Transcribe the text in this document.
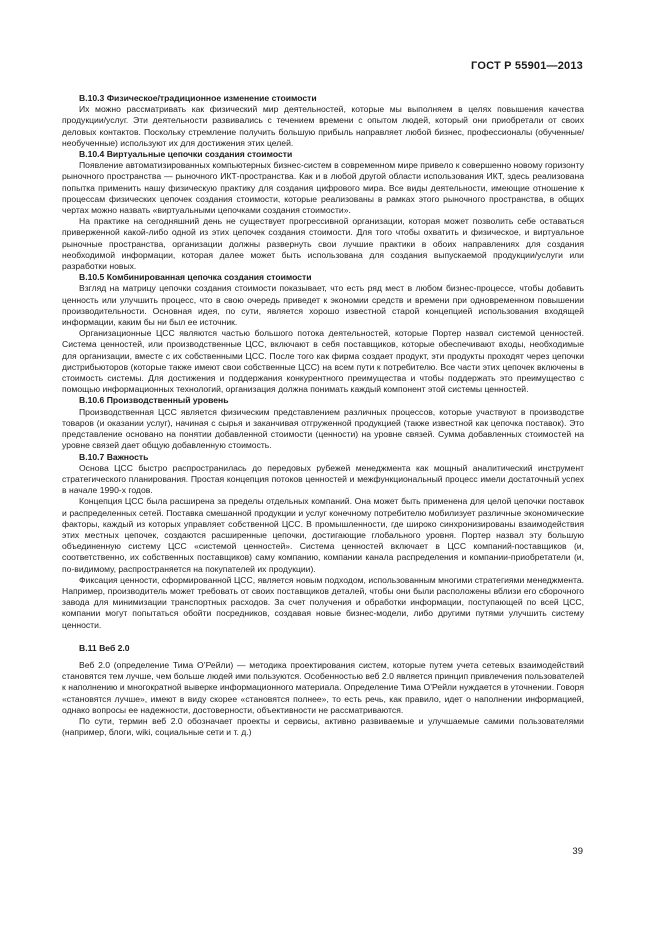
ГОСТ Р 55901—2013
В.10.3 Физическое/традиционное изменение стоимости

Их можно рассматривать как физический мир деятельностей, которые мы выполняем в целях повышения качества продукции/услуг. Эти деятельности развивались с течением времени с опытом людей, который они приобретали от своих деловых контактов. Поскольку стремление получить большую прибыль направляет любой бизнес, профессионалы (обученные/необученные) используют их для достижения этих целей.

В.10.4 Виртуальные цепочки создания стоимости

Появление автоматизированных компьютерных бизнес-систем в современном мире привело к совершенно новому горизонту рыночного пространства — рыночного ИКТ-пространства. Как и в любой другой области использования ИКТ, здесь реализована попытка применить нашу физическую практику для создания цифрового мира. Все виды деятельности, имеющие отношение к процессам физических цепочек создания стоимости, которые реализованы в рамках этого рыночного пространства, в общих чертах можно назвать «виртуальными цепочками создания стоимости».

На практике на сегодняшний день не существует прогрессивной организации, которая может позволить себе оставаться приверженной какой-либо одной из этих цепочек создания стоимости. Для того чтобы охватить и физическое, и виртуальное рыночные пространства, организации должны развернуть свои лучшие практики в обоих направлениях для создания необходимой информации, которая далее может быть использована для создания выпускаемой продукции/услуги или разработки новых.

В.10.5 Комбинированная цепочка создания стоимости

Взгляд на матрицу цепочки создания стоимости показывает, что есть ряд мест в любом бизнес-процессе, чтобы добавить ценность или улучшить процесс, что в свою очередь приведет к экономии средств и времени при одновременном повышении производительности. Основная идея, по сути, является хорошо известной старой концепцией использования входящей информации, каким бы ни был ее источник.

Организационные ЦСС являются частью большого потока деятельностей, которые Портер назвал системой ценностей. Система ценностей, или производственные ЦСС, включают в себя поставщиков, которые обеспечивают входы, необходимые для организации, вместе с их собственными ЦСС. После того как фирма создает продукт, эти продукты проходят через цепочки дистрибьюторов (которые также имеют свои собственные ЦСС) на всем пути к потребителю. Все части этих цепочек включены в стоимость системы. Для достижения и поддержания конкурентного преимущества и чтобы поддержать это преимущество с помощью информационных технологий, организация должна понимать каждый компонент этой системы ценностей.

В.10.6 Производственный уровень

Производственная ЦСС является физическим представлением различных процессов, которые участвуют в производстве товаров (и оказании услуг), начиная с сырья и заканчивая отгруженной продукцией (также известной как цепочка поставок). Это представление основано на понятии добавленной стоимости (ценности) на уровне связей. Сумма добавленных стоимостей на уровне связей дает общую добавленную стоимость.

В.10.7 Важность

Основа ЦСС быстро распространилась до передовых рубежей менеджмента как мощный аналитический инструмент стратегического планирования. Простая концепция потоков ценностей и межфункциональный процесс имели достаточный успех в начале 1990-х годов.

Концепция ЦСС была расширена за пределы отдельных компаний. Она может быть применена для целой цепочки поставок и распределенных сетей. Поставка смешанной продукции и услуг конечному потребителю мобилизует различные экономические факторы, каждый из которых управляет собственной ЦСС. В промышленности, где широко синхронизированы взаимодействия этих местных цепочек, создаются расширенные цепочки, достигающие глобального уровня. Портер назвал эту большую объединенную систему ЦСС «системой ценностей». Система ценностей включает в ЦСС компаний-поставщиков (и, соответственно, их собственных поставщиков) саму компанию, компании канала распределения и компании-приобретатели (и, по-видимому, распространяется на покупателей их продукции).

Фиксация ценности, сформированной ЦСС, является новым подходом, использованным многими стратегиями менеджмента. Например, производитель может требовать от своих поставщиков деталей, чтобы они были расположены вблизи его сборочного завода для минимизации транспортных расходов. За счет получения и обработки информации, поступающей по всей ЦСС, компании могут попытаться обойти посредников, создавая новые бизнес-модели, либо другими путями улучшить систему ценности.

В.11 Веб 2.0

Веб 2.0 (определение Тима О’Рейли) — методика проектирования систем, которые путем учета сетевых взаимодействий становятся тем лучше, чем больше людей ими пользуются. Особенностью веб 2.0 является принцип привлечения пользователей к наполнению и многократной выверке информационного материала. Определение Тима О’Рейли нуждается в уточнении. Говоря «становятся лучше», имеют в виду скорее «становятся полнее», то есть речь, как правило, идет о наполнении информацией, однако вопросы ее надежности, достоверности, объективности не рассматриваются.

По сути, термин веб 2.0 обозначает проекты и сервисы, активно развиваемые и улучшаемые самими пользователями (например, блоги, wiki, социальные сети и т. д.)

39
